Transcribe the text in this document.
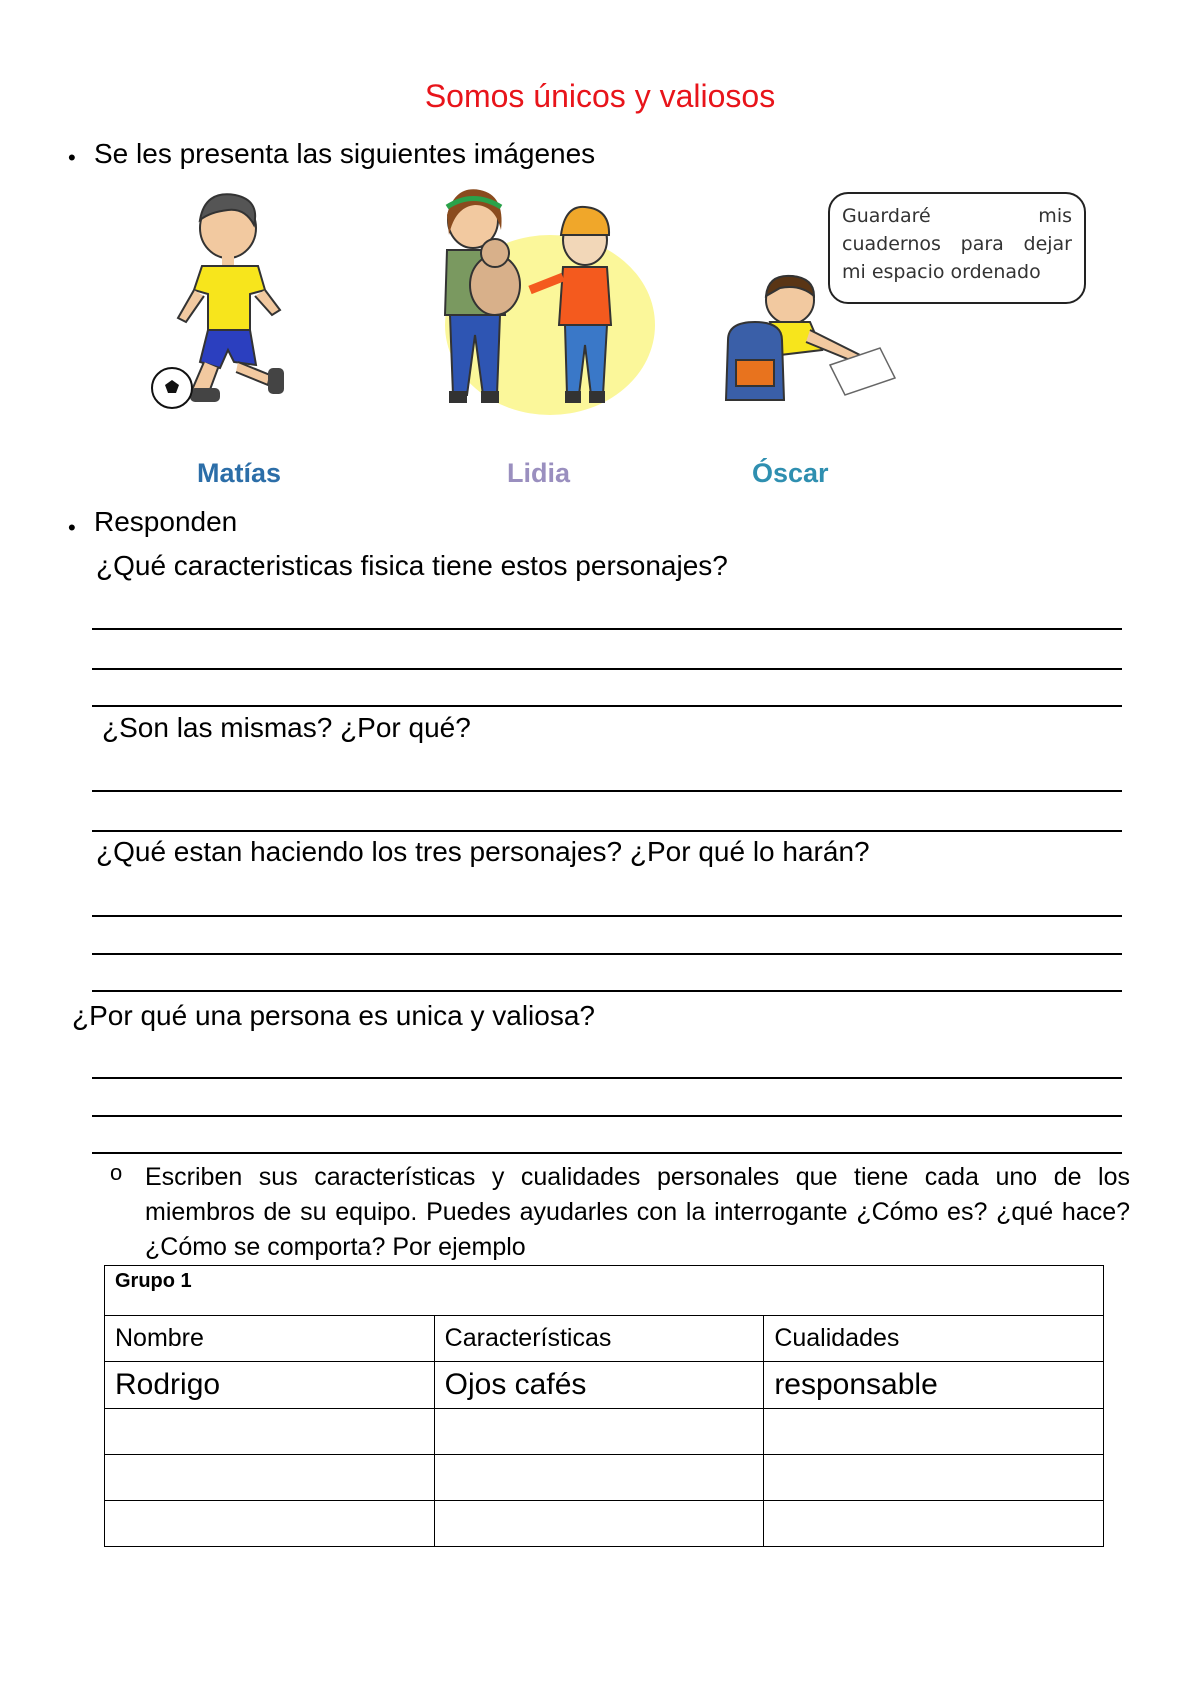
Somos únicos y valiosos
• Se les presenta las siguientes imágenes
Guardaré mis cuadernos para dejar mi espacio ordenado
Matías	Lidia	Óscar
• Responden
¿Qué caracteristicas fisica tiene estos personajes?
¿Son las mismas? ¿Por qué?
¿Qué estan haciendo los tres personajes? ¿Por qué lo harán?
¿Por qué una persona es unica y valiosa?
o Escriben sus características y cualidades personales que tiene cada uno de los miembros de su equipo. Puedes ayudarles con la interrogante ¿Cómo es? ¿qué hace? ¿Cómo se comporta? Por ejemplo
Grupo 1		
Nombre	Características	Cualidades
Rodrigo	Ojos cafés	responsable
